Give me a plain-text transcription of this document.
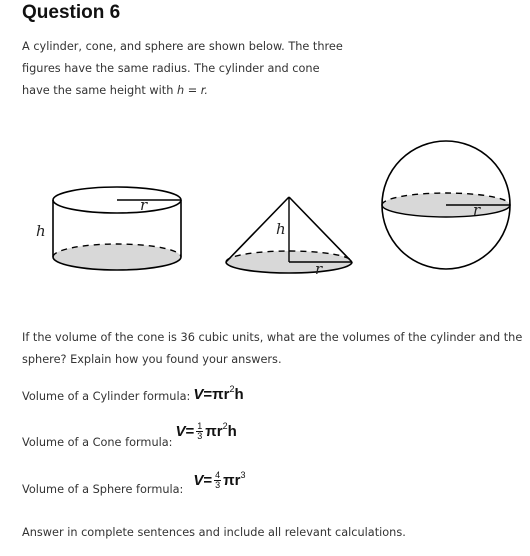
Question 6
A cylinder, cone, and sphere are shown below. The three
figures have the same radius. The cylinder and cone
have the same height with h = r.
r
h	h
r
r
If the volume of the cone is 36 cubic units, what are the volumes of the cylinder and the
sphere? Explain how you found your answers.
Volume of a Cylinder formula: $V = \pi r^2$ h
Volume of a Cone formula:
$V = \frac{1}{3} \pi r^2$ h
Volume of a Sphere formula:
$V = \frac{4}{3} \pi r^3$
Answer in complete sentences and include all relevant calculations.
